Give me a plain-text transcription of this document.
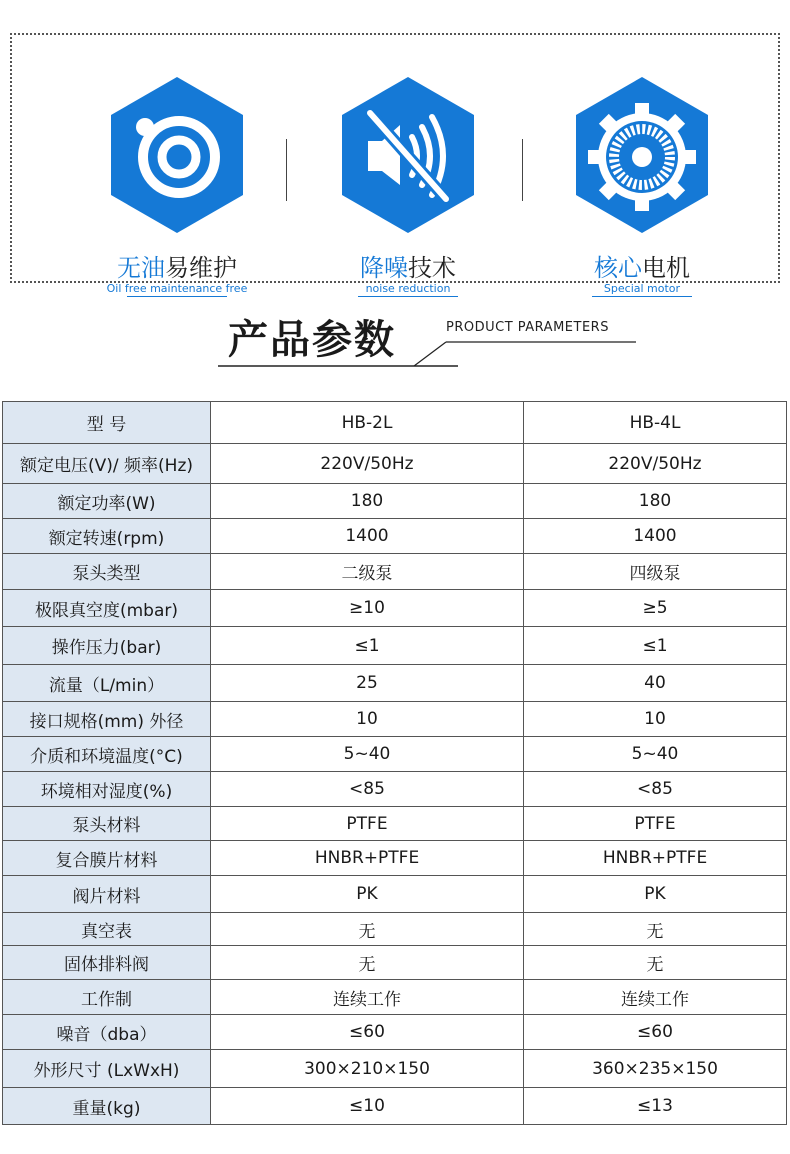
无油易维护
Oil free maintenance free
降噪技术
noise reduction
核心电机
Special motor
产品参数	PRODUCT PARAMETERS
型 号	HB-2L	HB-4L
额定电压(V)/ 频率(Hz)	220V/50Hz	220V/50Hz
额定功率(W)	180	180
额定转速(rpm)	1400	1400
泵头类型	二级泵	四级泵
极限真空度(mbar)	≥10	≥5
操作压力(bar)	≤1	≤1
流量（L/min）	25	40
接口规格(mm) 外径	10	10
介质和环境温度(°C)	5~40	5~40
环境相对湿度(%)	<85	<85
泵头材料	PTFE	PTFE
复合膜片材料	HNBR+PTFE	HNBR+PTFE
阀片材料	PK	PK
真空表	无	无
固体排料阀	无	无
工作制	连续工作	连续工作
噪音（dba）	≤60	≤60
外形尺寸 (LxWxH)	300×210×150	360×235×150
重量(kg)	≤10	≤13
